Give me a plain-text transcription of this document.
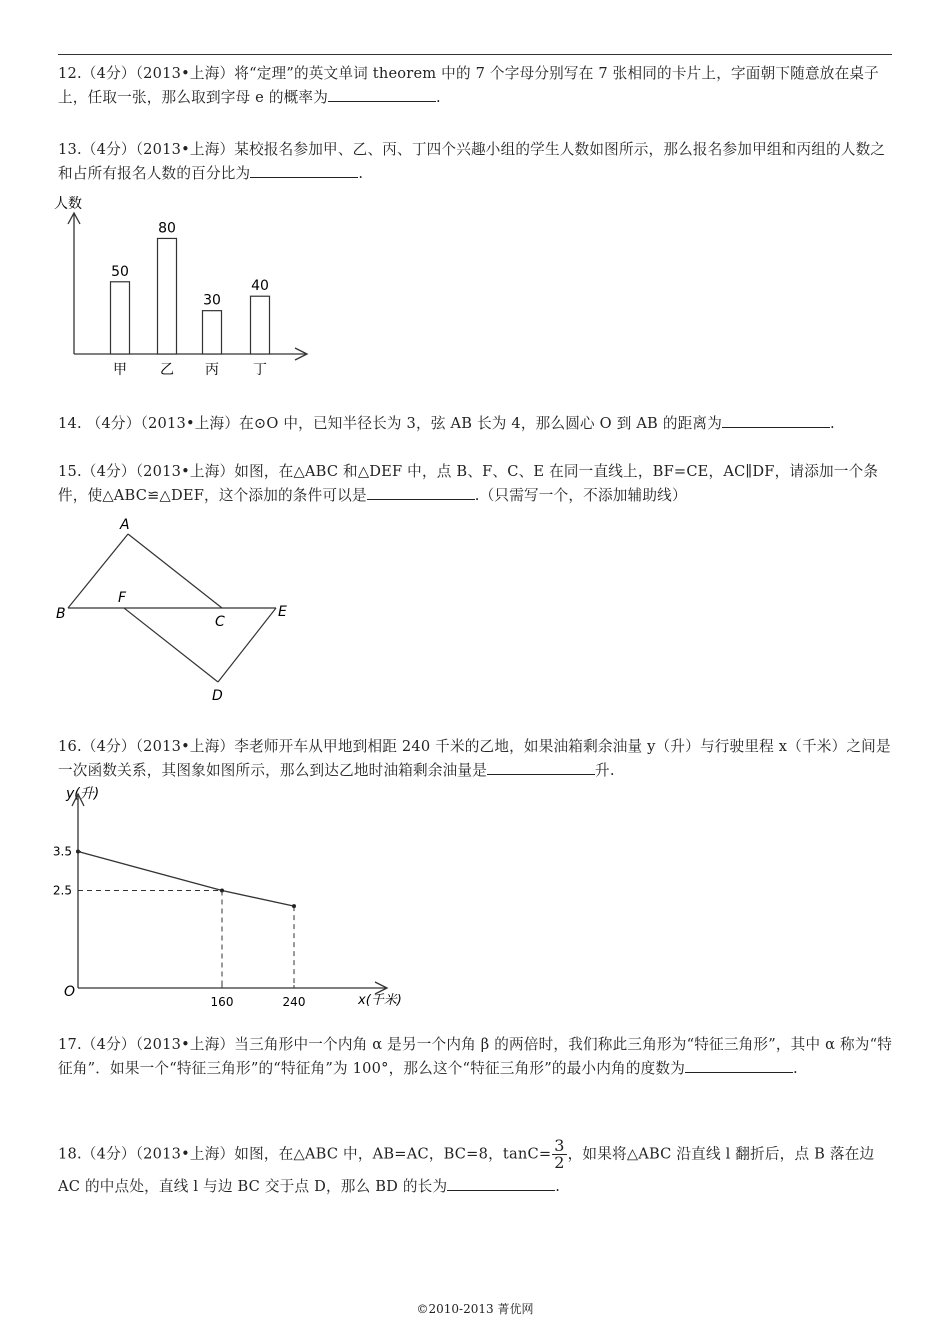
12.（4分）（2013•上海）将“定理”的英文单词 theorem 中的 7 个字母分别写在 7 张相同的卡片上，字面朝下随意放在桌子上，任取一张，那么取到字母 e 的概率为	.
13.（4分）（2013•上海）某校报名参加甲、乙、丙、丁四个兴趣小组的学生人数如图所示，那么报名参加甲组和丙组的人数之和占所有报名人数的百分比为	.
人数
50
甲
80
乙
30
丙
40
丁
14. （4分）（2013•上海）在⊙O 中，已知半径长为 3，弦 AB 长为 4，那么圆心 O 到 AB 的距离为	.
15.（4分）（2013•上海）如图，在△ABC 和△DEF 中，点 B、F、C、E 在同一直线上，BF=CE，AC∥DF，请添加一个条件，使△ABC≌△DEF，这个添加的条件可以是	.（只需写一个，不添加辅助线）
A
B
F
C
E
D
16.（4分）（2013•上海）李老师开车从甲地到相距 240 千米的乙地，如果油箱剩余油量 y（升）与行驶里程 x（千米）之间是一次函数关系，其图象如图所示，那么到达乙地时油箱剩余油量是	升.
y(升)
O
x(千米)
160	240
3.5
2.5
17.（4分）（2013•上海）当三角形中一个内角 α 是另一个内角 β 的两倍时，我们称此三角形为“特征三角形”，其中 α 称为“特征角”．如果一个“特征三角形”的“特征角”为 100°，那么这个“特征三角形”的最小内角的度数为	.
18.（4分）（2013•上海）如图，在△ABC 中，AB=AC，BC=8，$\tan C= \frac{3}{2}$ ，如果将△ABC 沿直线 l 翻折后，点 B 落在边 AC 的中点处，直线 l 与边 BC 交于点 D，那么 BD 的长为	.
©2010-2013 菁优网
